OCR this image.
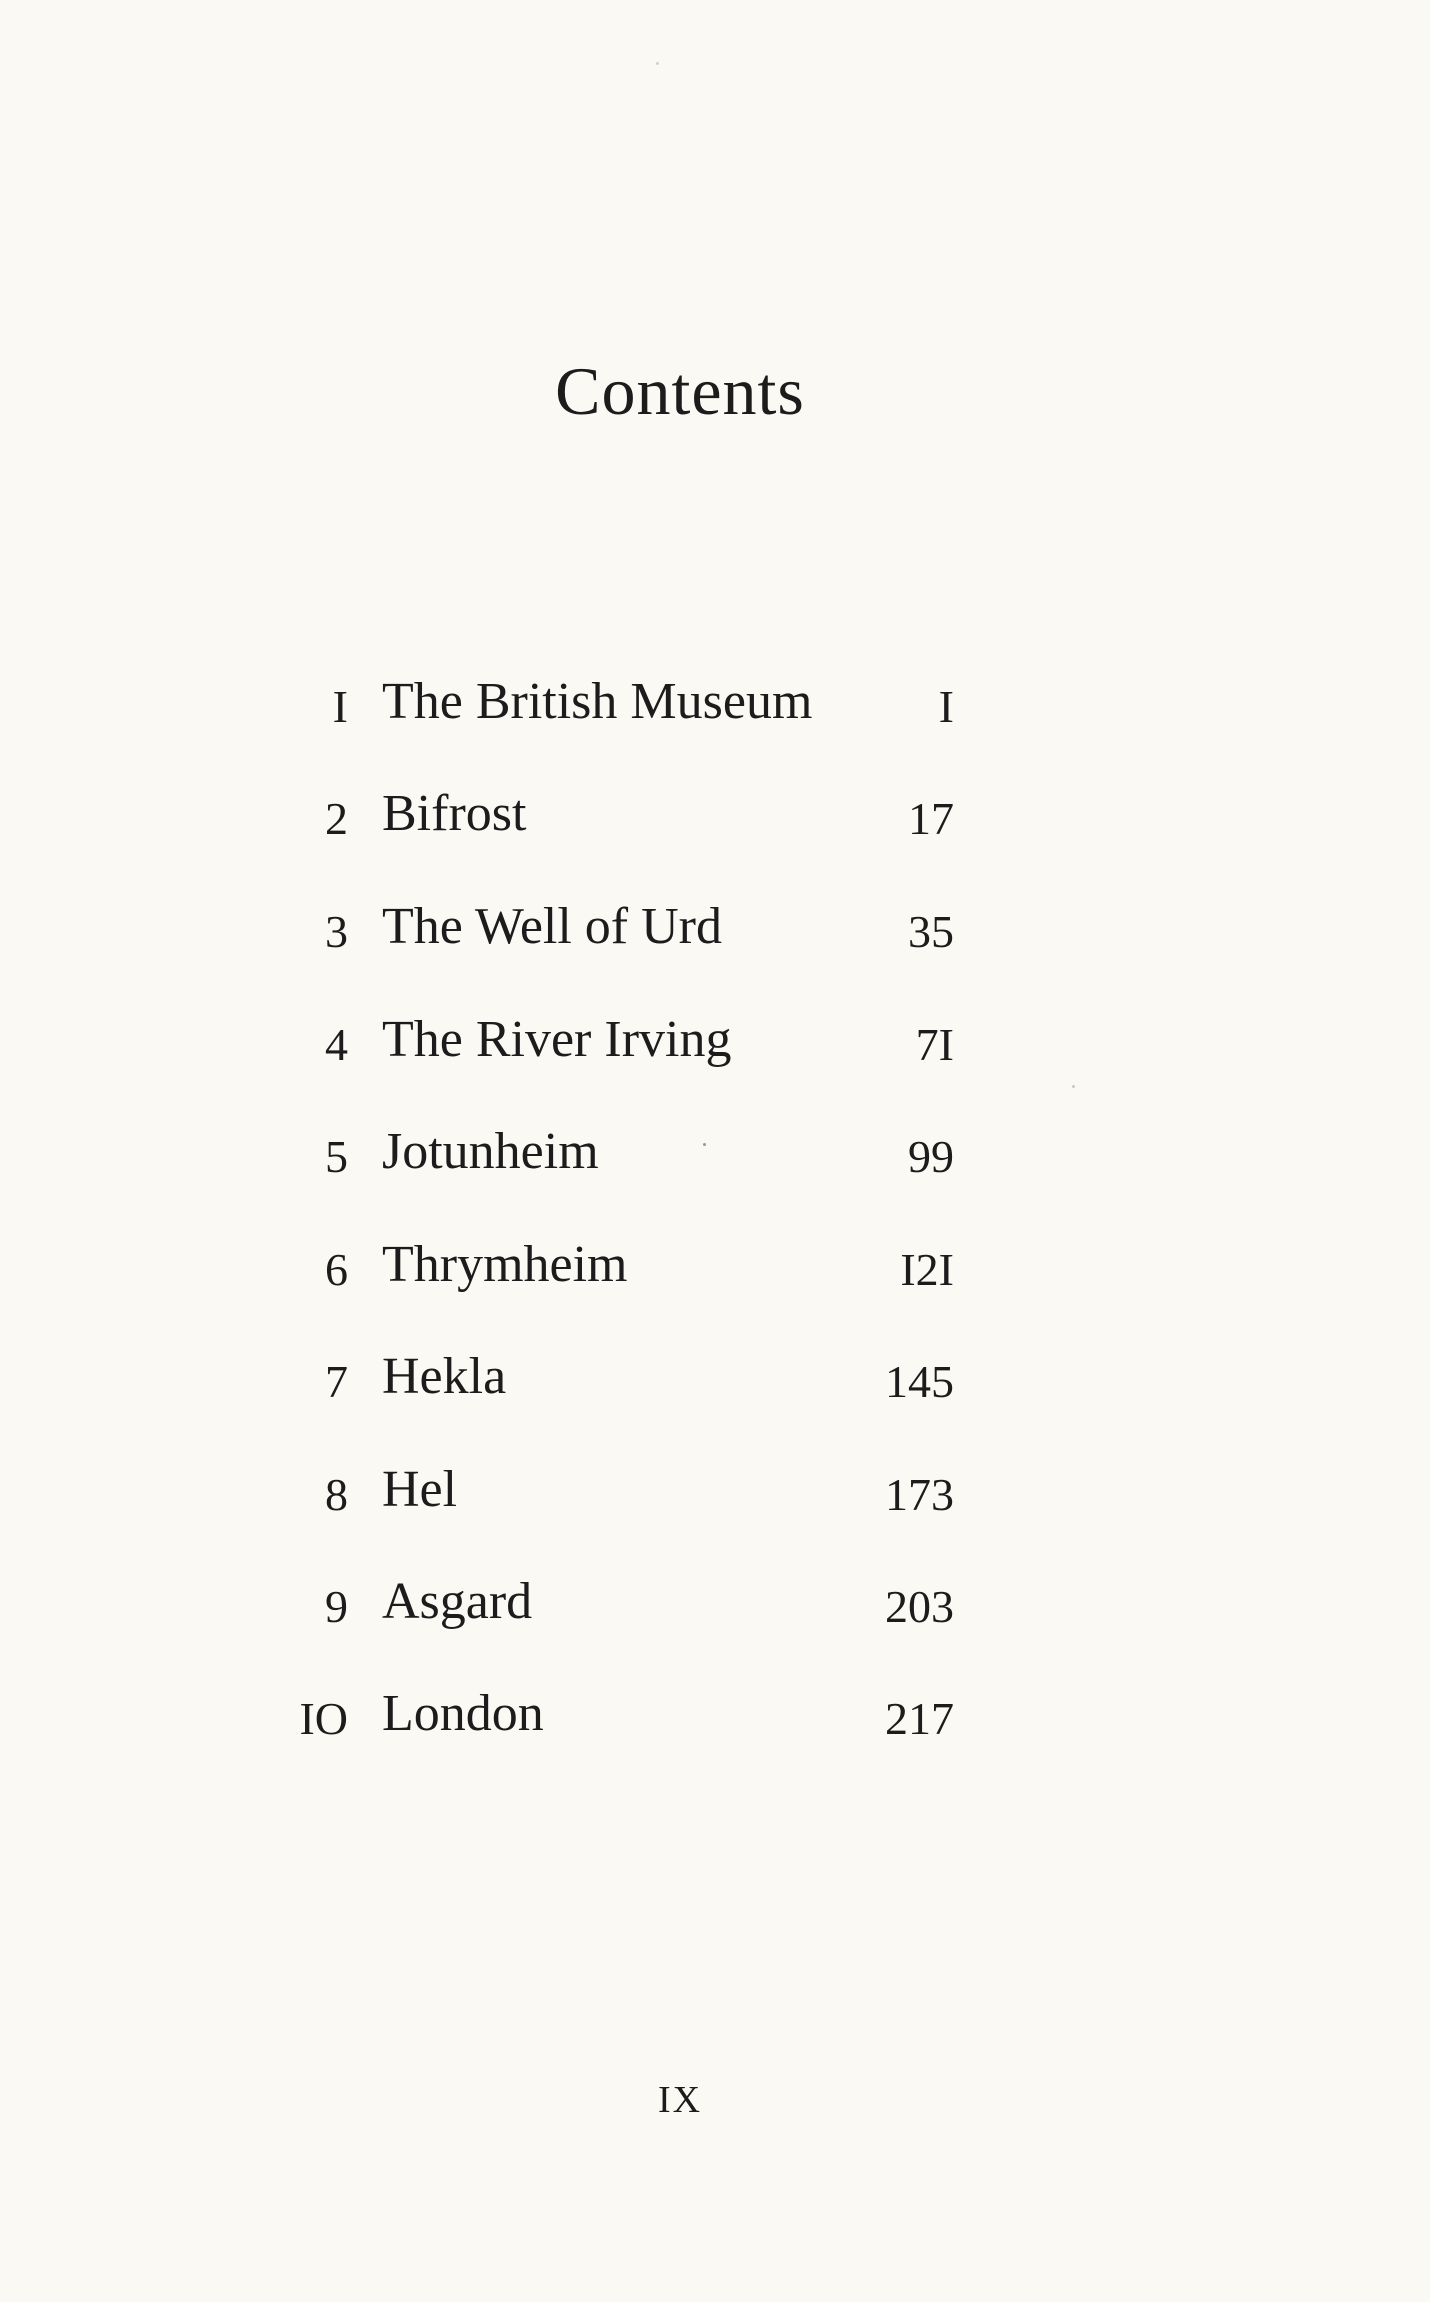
Contents
I The British Museum	I
2 Bifrost	17
3 The Well of Urd	35
4 The River Irving	7I
5 Jotunheim	99
6 Thrymheim	I2I
7 Hekla	145
8 Hel	173
9 Asgard	203
IO London	217
IX
